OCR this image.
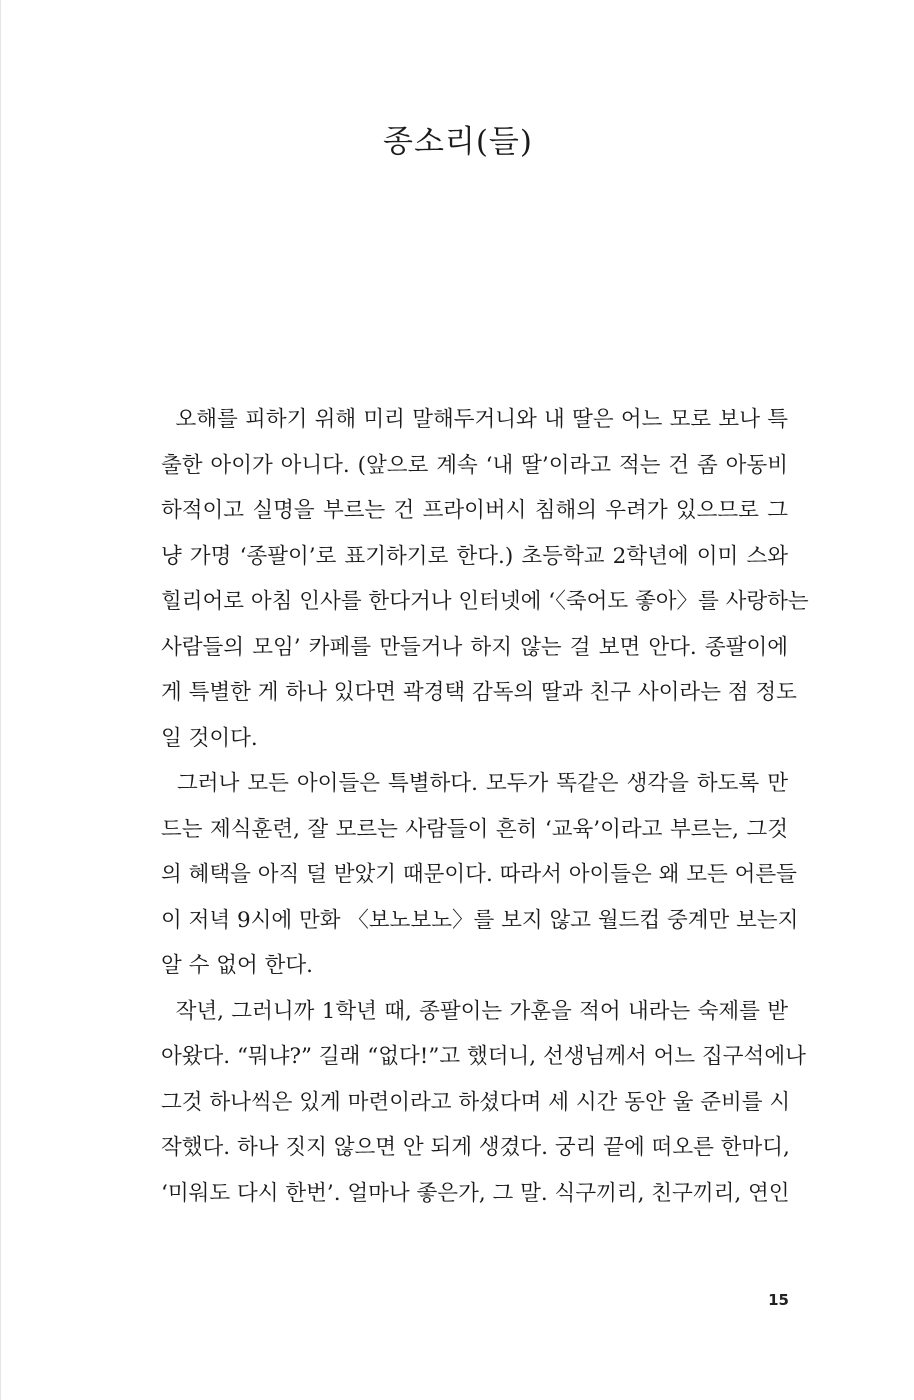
종소리(들)
오해를 피하기 위해 미리 말해두거니와 내 딸은 어느 모로 보나 특
출한 아이가 아니다. (앞으로 계속 ‘내 딸’이라고 적는 건 좀 아동비
하적이고 실명을 부르는 건 프라이버시 침해의 우려가 있으므로 그
냥 가명 ‘종팔이’로 표기하기로 한다.) 초등학교 2학년에 이미 스와
힐리어로 아침 인사를 한다거나 인터넷에 ‘〈죽어도 좋아〉를 사랑하는
사람들의 모임’ 카페를 만들거나 하지 않는 걸 보면 안다. 종팔이에
게 특별한 게 하나 있다면 곽경택 감독의 딸과 친구 사이라는 점 정도
일 것이다.
그러나 모든 아이들은 특별하다. 모두가 똑같은 생각을 하도록 만
드는 제식훈련, 잘 모르는 사람들이 흔히 ‘교육’이라고 부르는, 그것
의 혜택을 아직 덜 받았기 때문이다. 따라서 아이들은 왜 모든 어른들
이 저녁 9시에 만화 〈보노보노〉를 보지 않고 월드컵 중계만 보는지
알 수 없어 한다.
작년, 그러니까 1학년 때, 종팔이는 가훈을 적어 내라는 숙제를 받
아왔다. “뭐냐?” 길래 “없다!”고 했더니, 선생님께서 어느 집구석에나
그것 하나씩은 있게 마련이라고 하셨다며 세 시간 동안 울 준비를 시
작했다. 하나 짓지 않으면 안 되게 생겼다. 궁리 끝에 떠오른 한마디,
‘미워도 다시 한번’. 얼마나 좋은가, 그 말. 식구끼리, 친구끼리, 연인
15
